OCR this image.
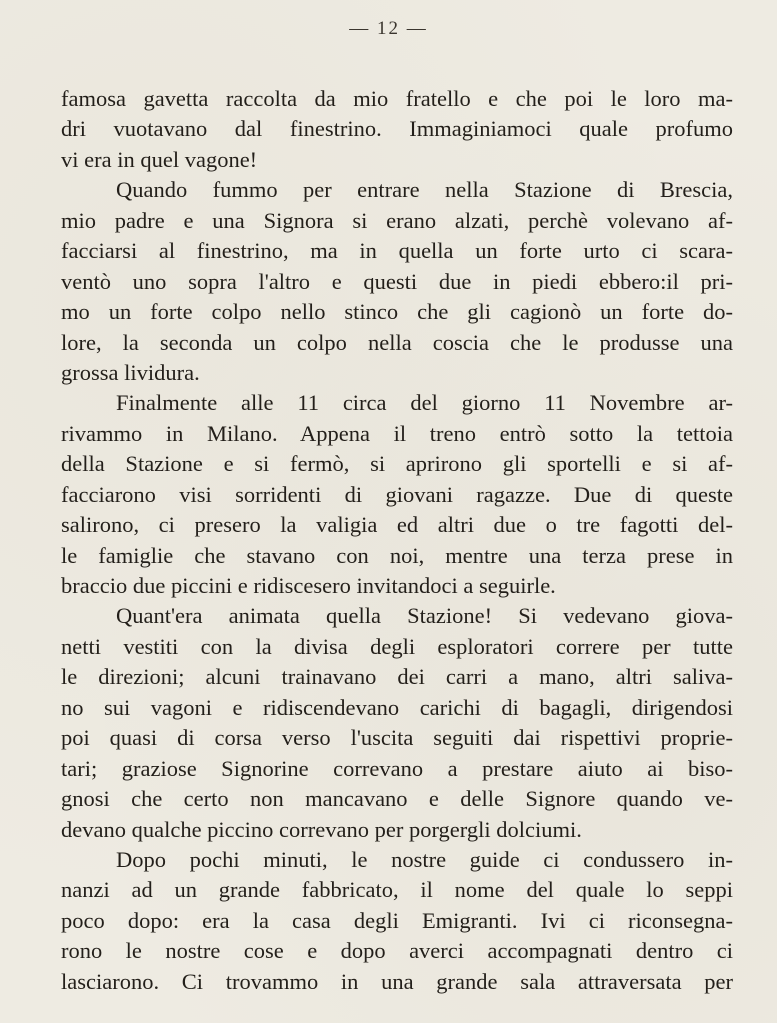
— 12 —
famosa gavetta raccolta da mio fratello e che poi le loro ma-
dri vuotavano dal finestrino. Immaginiamoci quale profumo
vi era in quel vagone!
Quando fummo per entrare nella Stazione di Brescia,
mio padre e una Signora si erano alzati, perchè volevano af-
facciarsi al finestrino, ma in quella un forte urto ci scara-
ventò uno sopra l'altro e questi due in piedi ebbero:il pri-
mo un forte colpo nello stinco che gli cagionò un forte do-
lore, la seconda un colpo nella coscia che le produsse una
grossa lividura.
Finalmente alle 11 circa del giorno 11 Novembre ar-
rivammo in Milano. Appena il treno entrò sotto la tettoia
della Stazione e si fermò, si aprirono gli sportelli e si af-
facciarono visi sorridenti di giovani ragazze. Due di queste
salirono, ci presero la valigia ed altri due o tre fagotti del-
le famiglie che stavano con noi, mentre una terza prese in
braccio due piccini e ridiscesero invitandoci a seguirle.
Quant'era animata quella Stazione! Si vedevano giova-
netti vestiti con la divisa degli esploratori correre per tutte
le direzioni; alcuni trainavano dei carri a mano, altri saliva-
no sui vagoni e ridiscendevano carichi di bagagli, dirigendosi
poi quasi di corsa verso l'uscita seguiti dai rispettivi proprie-
tari; graziose Signorine correvano a prestare aiuto ai biso-
gnosi che certo non mancavano e delle Signore quando ve-
devano qualche piccino correvano per porgergli dolciumi.
Dopo pochi minuti, le nostre guide ci condussero in-
nanzi ad un grande fabbricato, il nome del quale lo seppi
poco dopo: era la casa degli Emigranti. Ivi ci riconsegna-
rono le nostre cose e dopo averci accompagnati dentro ci
lasciarono. Ci trovammo in una grande sala attraversata per
